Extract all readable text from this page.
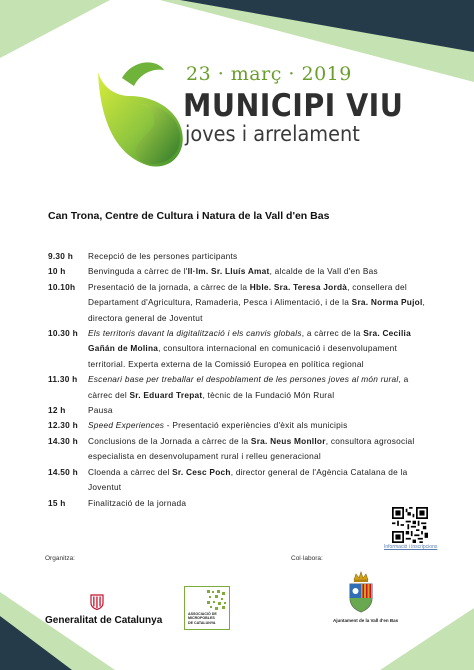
23 · març · 2019
MUNICIPI VIU
joves i arrelament
Can Trona, Centre de Cultura i Natura de la Vall d'en Bas
9.30 h	Recepció de les persones participants
10 h	Benvinguda a càrrec de l'Il·lm. Sr. Lluís Amat, alcalde de la Vall d'en Bas
10.10h	Presentació de la jornada, a càrrec de la Hble. Sra. Teresa Jordà, consellera del Departament d'Agricultura, Ramaderia, Pesca i Alimentació, i de la Sra. Norma Pujol, directora general de Joventut
10.30 h	Els territoris davant la digitalització i els canvis globals, a càrrec de la Sra. Cecilia Gañán de Molina, consultora internacional en comunicació i desenvolupament territorial. Experta externa de la Comissió Europea en política regional
11.30 h	Escenari base per treballar el despoblament de les persones joves al món rural, a càrrec del Sr. Eduard Trepat, tècnic de la Fundació Món Rural
12 h	Pausa
12.30 h	Speed Experiences - Presentació experiències d'èxit als municipis
14.30 h	Conclusions de la Jornada a càrrec de la Sra. Neus Monllor, consultora agrosocial especialista en desenvolupament rural i relleu generacional
14.50 h	Cloenda a càrrec del Sr. Cesc Poch, director general de l'Agència Catalana de la Joventut
15 h	Finalització de la jornada
Informació i inscripcions
Organitza:	Col·labora:
Generalitat de Catalunya
ASSOCIACIÓ DE
MICROPOBLES
DE CATALUNYA	Ajuntament de la Vall d'en Bas
